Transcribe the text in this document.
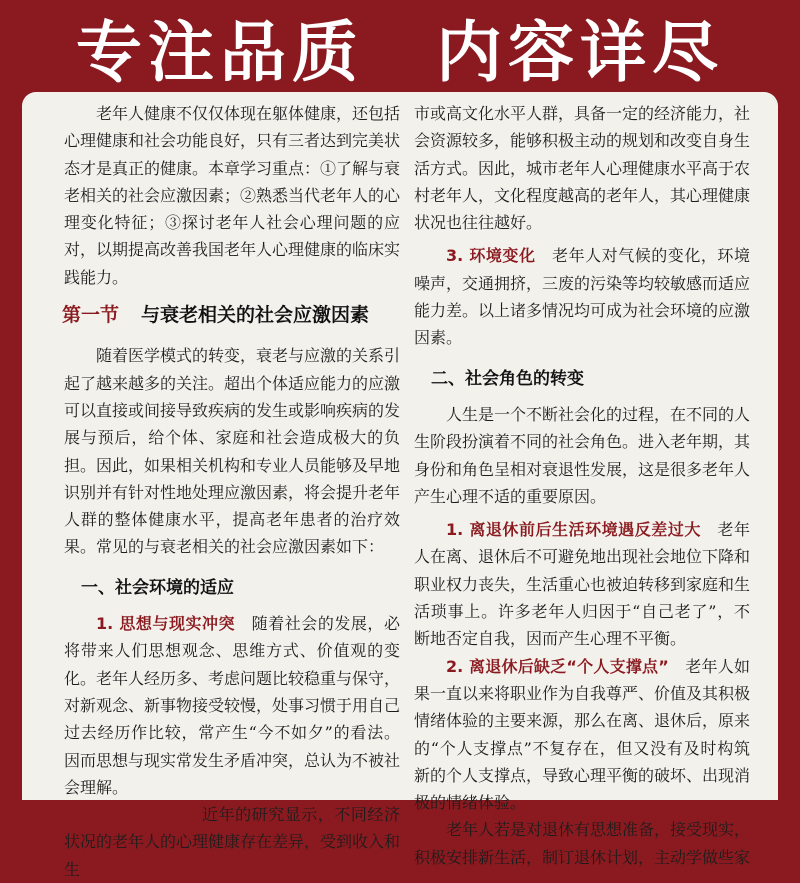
专注品质 内容详尽

老年人健康不仅仅体现在躯体健康，还包括心理健康和社会功能良好，只有三者达到完美状态才是真正的健康。本章学习重点：①了解与衰老相关的社会应激因素；②熟悉当代老年人的心理变化特征；③探讨老年人社会心理问题的应对，以期提高改善我国老年人心理健康的临床实践能力。

第一节 与衰老相关的社会应激因素

随着医学模式的转变，衰老与应激的关系引起了越来越多的关注。超出个体适应能力的应激可以直接或间接导致疾病的发生或影响疾病的发展与预后，给个体、家庭和社会造成极大的负担。因此，如果相关机构和专业人员能够及早地识别并有针对性地处理应激因素，将会提升老年人群的整体健康水平，提高老年患者的治疗效果。常见的与衰老相关的社会应激因素如下：

一、社会环境的适应

1. 思想与现实冲突　 随着社会的发展，必将带来人们思想观念、思维方式、价值观的变化。老年人经历多、考虑问题比较稳重与保守，对新观念、新事物接受较慢，处事习惯于用自己过去经历作比较，常产生“今不如夕”的看法。因而思想与现实常发生矛盾冲突，总认为不被社会理解。

2. 经济状态　 近年的研究显示，不同经济状况的老年人的心理健康存在差异，受到收入和生

市或高文化水平人群，具备一定的经济能力，社会资源较多，能够积极主动的规划和改变自身生活方式。因此，城市老年人心理健康水平高于农村老年人，文化程度越高的老年人，其心理健康状况也往往越好。

3. 环境变化　 老年人对气候的变化，环境噪声，交通拥挤，三废的污染等均较敏感而适应能力差。以上诸多情况均可成为社会环境的应激因素。

二、社会角色的转变

人生是一个不断社会化的过程，在不同的人生阶段扮演着不同的社会角色。进入老年期，其身份和角色呈相对衰退性发展，这是很多老年人产生心理不适的重要原因。

1. 离退休前后生活环境遇反差过大　 老年人在离、退休后不可避免地出现社会地位下降和职业权力丧失，生活重心也被迫转移到家庭和生活琐事上。许多老年人归因于“自己老了”，不断地否定自我，因而产生心理不平衡。

2. 离退休后缺乏“个人支撑点”　 老年人如果一直以来将职业作为自我尊严、价值及其积极情绪体验的主要来源，那么在离、退休后，原来的“个人支撑点”不复存在，但又没有及时构筑新的个人支撑点，导致心理平衡的破坏、出现消极的情绪体验。

老年人若是对退休有思想准备，接受现实，积极安排新生活，制订退休计划，主动学做些家
